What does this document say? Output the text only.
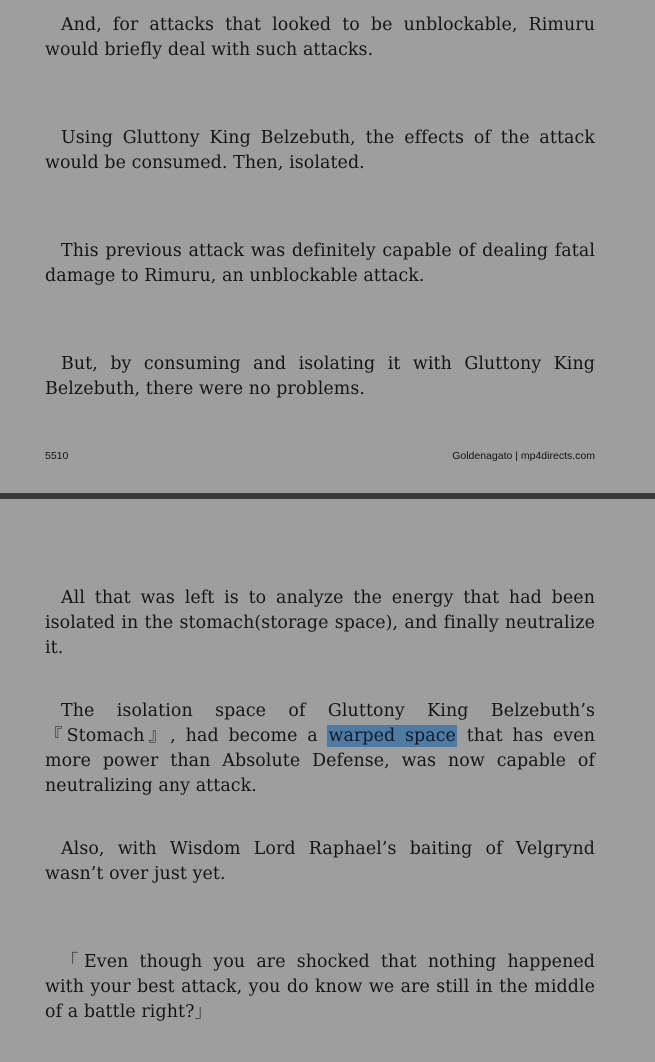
And, for attacks that looked to be unblockable, Rimuru would briefly deal with such attacks.

Using Gluttony King Belzebuth, the effects of the attack would be consumed. Then, isolated.

This previous attack was definitely capable of dealing fatal damage to Rimuru, an unblockable attack.

But, by consuming and isolating it with Gluttony King Belzebuth, there were no problems.

5510	Goldenagato | mp4directs.com

All that was left is to analyze the energy that had been isolated in the stomach(storage space), and finally neutralize it.

The isolation space of Gluttony King Belzebuth’s『Stomach』, had become a warped space that has even more power than Absolute Defense, was now capable of neutralizing any attack.

Also, with Wisdom Lord Raphael’s baiting of Velgrynd wasn’t over just yet.

「Even though you are shocked that nothing happened with your best attack, you do know we are still in the middle of a battle right?」
